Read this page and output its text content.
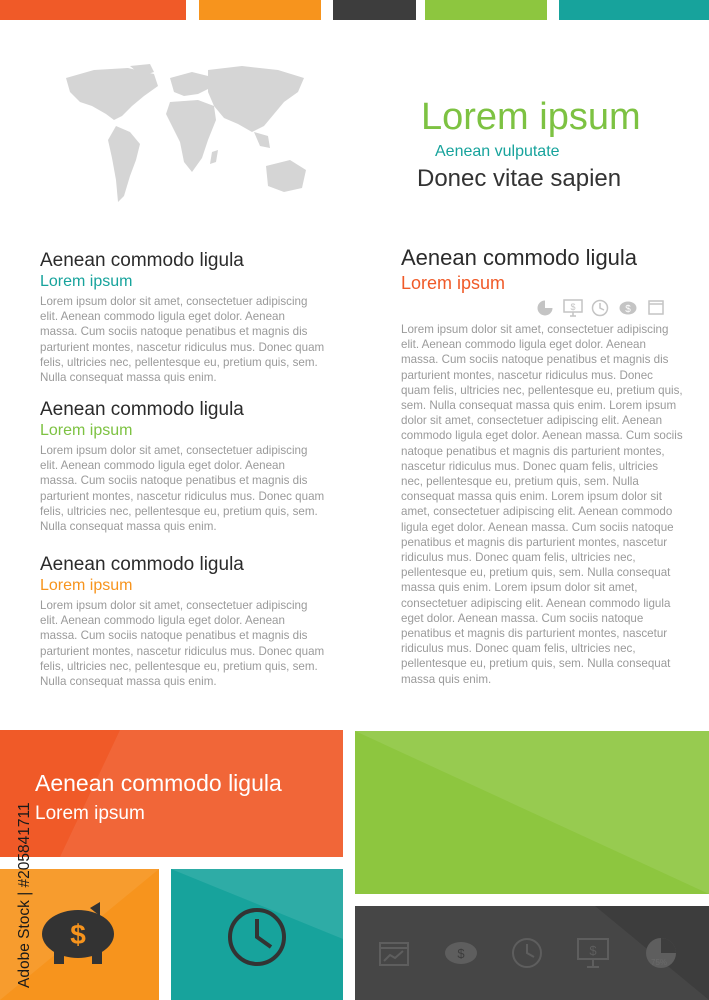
Lorem ipsum
Aenean vulputate
Donec vitae sapien
Aenean commodo ligula
Lorem ipsum
Lorem ipsum dolor sit amet, consectetuer adipiscing elit. Aenean commodo ligula eget dolor. Aenean massa. Cum sociis natoque penatibus et magnis dis parturient montes, nascetur ridiculus mus. Donec quam felis, ultricies nec, pellentesque eu, pretium quis, sem. Nulla consequat massa quis enim.
Aenean commodo ligula
Lorem ipsum
Lorem ipsum dolor sit amet, consectetuer adipiscing elit. Aenean commodo ligula eget dolor. Aenean massa. Cum sociis natoque penatibus et magnis dis parturient montes, nascetur ridiculus mus. Donec quam felis, ultricies nec, pellentesque eu, pretium quis, sem. Nulla consequat massa quis enim.
Aenean commodo ligula
Lorem ipsum
Lorem ipsum dolor sit amet, consectetuer adipiscing elit. Aenean commodo ligula eget dolor. Aenean massa. Cum sociis natoque penatibus et magnis dis parturient montes, nascetur ridiculus mus. Donec quam felis, ultricies nec, pellentesque eu, pretium quis, sem. Nulla consequat massa quis enim.
Aenean commodo ligula
Lorem ipsum
Lorem ipsum dolor sit amet, consectetuer adipiscing elit. Aenean commodo ligula eget dolor. Aenean massa. Cum sociis natoque penatibus et magnis dis parturient montes, nascetur ridiculus mus. Donec quam felis, ultricies nec, pellentesque eu, pretium quis, sem. Nulla consequat massa quis enim. Lorem ipsum dolor sit amet, consectetuer adipiscing elit. Aenean commodo ligula eget dolor. Aenean massa. Cum sociis natoque penatibus et magnis dis parturient montes, nascetur ridiculus mus. Donec quam felis, ultricies nec, pellentesque eu, pretium quis, sem. Nulla consequat massa quis enim. Lorem ipsum dolor sit amet, consectetuer adipiscing elit. Aenean commodo ligula eget dolor. Aenean massa. Cum sociis natoque penatibus et magnis dis parturient montes, nascetur ridiculus mus. Donec quam felis, ultricies nec, pellentesque eu, pretium quis, sem. Nulla consequat massa quis enim. Lorem ipsum dolor sit amet, consectetuer adipiscing elit. Aenean commodo ligula eget dolor. Aenean massa. Cum sociis natoque penatibus et magnis dis parturient montes, nascetur ridiculus mus. Donec quam felis, ultricies nec, pellentesque eu, pretium quis, sem. Nulla consequat massa quis enim.
$	$
Aenean commodo ligula
Lorem ipsum
$
$	$
75%
Adobe Stock | #205841711
